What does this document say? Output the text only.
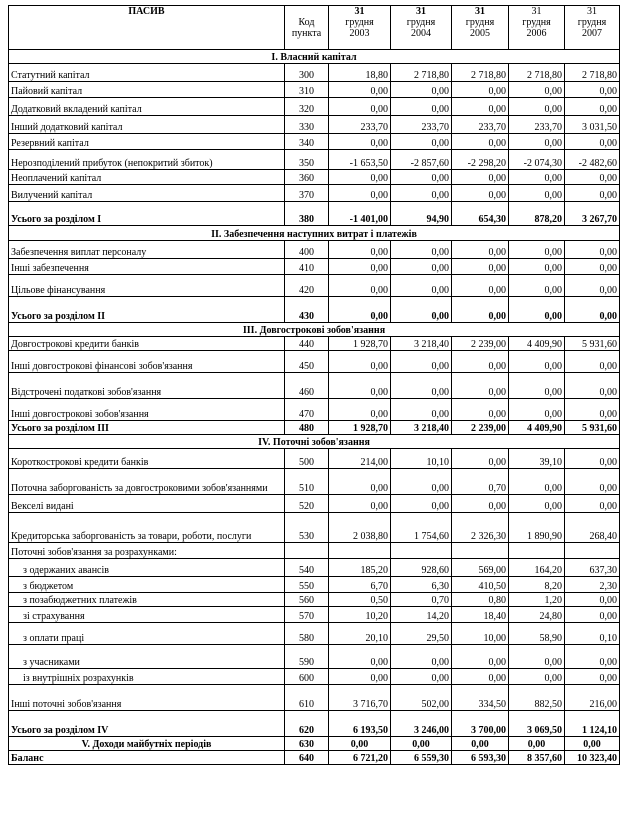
ПАСИВ	Код пункта	31
грудня
2003	31
грудня
2004	31
грудня
2005	31
грудня
2006	31
грудня
2007

І. Власний капітал						
Статутний капітал	300	18,80	2 718,80	2 718,80	2 718,80	2 718,80
Пайовий капітал	310	0,00	0,00	0,00	0,00	0,00
Додатковий вкладений капітал	320	0,00	0,00	0,00	0,00	0,00
Інший додатковий капітал	330	233,70	233,70	233,70	233,70	3 031,50
Резервний капітал	340	0,00	0,00	0,00	0,00	0,00
Нерозподілений прибуток (непокритий збиток)	350	-1 653,50	-2 857,60	-2 298,20	-2 074,30	-2 482,60
Неоплачений капітал	360	0,00	0,00	0,00	0,00	0,00
Вилучений капітал	370	0,00	0,00	0,00	0,00	0,00
Усього за розділом І	380	-1 401,00	94,90	654,30	878,20	3 267,70
ІІ. Забезпечення наступних витрат і платежів						
Забезпечення виплат персоналу	400	0,00	0,00	0,00	0,00	0,00
Інші забезпечення	410	0,00	0,00	0,00	0,00	0,00
Цільове фінансування	420	0,00	0,00	0,00	0,00	0,00
Усього за розділом ІІ	430	0,00	0,00	0,00	0,00	0,00
ІІІ. Довгострокові зобов'язання						
Довгострокові кредити банків	440	1 928,70	3 218,40	2 239,00	4 409,90	5 931,60
Інші довгострокові фінансові зобов'язання	450	0,00	0,00	0,00	0,00	0,00
Відстрочені податкові зобов'язання	460	0,00	0,00	0,00	0,00	0,00
Інші довгострокові зобов'язання	470	0,00	0,00	0,00	0,00	0,00
Усього за розділом ІІІ	480	1 928,70	3 218,40	2 239,00	4 409,90	5 931,60
IV. Поточні зобов'язання						
Короткострокові кредити банків	500	214,00	10,10	0,00	39,10	0,00
Поточна заборгованість за довгостроковими зобов'язаннями	510	0,00	0,00	0,70	0,00	0,00
Векселі видані	520	0,00	0,00	0,00	0,00	0,00
Кредиторська заборгованість за товари, роботи, послуги	530	2 038,80	1 754,60	2 326,30	1 890,90	268,40
Поточні зобов'язання за розрахунками:						
з одержаних авансів	540	185,20	928,60	569,00	164,20	637,30
з бюджетом	550	6,70	6,30	410,50	8,20	2,30
з позабюджетних платежів	560	0,50	0,70	0,80	1,20	0,00
зі страхування	570	10,20	14,20	18,40	24,80	0,00
з оплати праці	580	20,10	29,50	10,00	58,90	0,10
з учасниками	590	0,00	0,00	0,00	0,00	0,00
із внутрішніх розрахунків	600	0,00	0,00	0,00	0,00	0,00
Інші поточні зобов'язання	610	3 716,70	502,00	334,50	882,50	216,00
Усього за розділом IV	620	6 193,50	3 246,00	3 700,00	3 069,50	1 124,10
V. Доходи майбутніх періодів	630	0,00	0,00	0,00	0,00	0,00
Баланс	640	6 721,20	6 559,30	6 593,30	8 357,60	10 323,40
